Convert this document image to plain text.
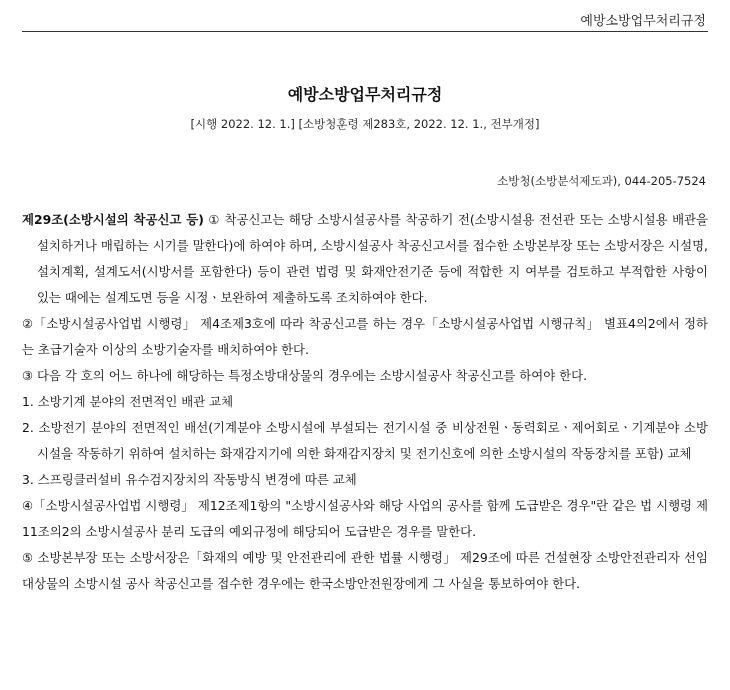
예방소방업무처리규정
예방소방업무처리규정
[시행 2022. 12. 1.] [소방청훈령 제283호, 2022. 12. 1., 전부개정]
소방청(소방분석제도과), 044-205-7524

제29조(소방시설의 착공신고 등) ① 착공신고는 해당 소방시설공사를 착공하기 전(소방시설용 전선관 또는 소방시설용 배관을 설치하거나 매립하는 시기를 말한다)에 하여야 하며, 소방시설공사 착공신고서를 접수한 소방본부장 또는 소방서장은 시설명, 설치계획, 설계도서(시방서를 포함한다) 등이 관련 법령 및 화재안전기준 등에 적합한 지 여부를 검토하고 부적합한 사항이 있는 때에는 설계도면 등을 시정ㆍ보완하여 제출하도록 조치하여야 한다.

②「소방시설공사업법 시행령」 제4조제3호에 따라 착공신고를 하는 경우「소방시설공사업법 시행규칙」 별표4의2에서 정하는 초급기술자 이상의 소방기술자를 배치하여야 한다.

③ 다음 각 호의 어느 하나에 해당하는 특정소방대상물의 경우에는 소방시설공사 착공신고를 하여야 한다.

1. 소방기계 분야의 전면적인 배관 교체

2. 소방전기 분야의 전면적인 배선(기계분야 소방시설에 부설되는 전기시설 중 비상전원ㆍ동력회로ㆍ제어회로ㆍ기계분야 소방시설을 작동하기 위하여 설치하는 화재감지기에 의한 화재감지장치 및 전기신호에 의한 소방시설의 작동장치를 포함) 교체

3. 스프링클러설비 유수검지장치의 작동방식 변경에 따른 교체

④「소방시설공사업법 시행령」 제12조제1항의 "소방시설공사와 해당 사업의 공사를 함께 도급받은 경우"란 같은 법 시행령 제11조의2의 소방시설공사 분리 도급의 예외규정에 해당되어 도급받은 경우를 말한다.

⑤ 소방본부장 또는 소방서장은「화재의 예방 및 안전관리에 관한 법률 시행령」 제29조에 따른 건설현장 소방안전관리자 선임 대상물의 소방시설 공사 착공신고를 접수한 경우에는 한국소방안전원장에게 그 사실을 통보하여야 한다.
